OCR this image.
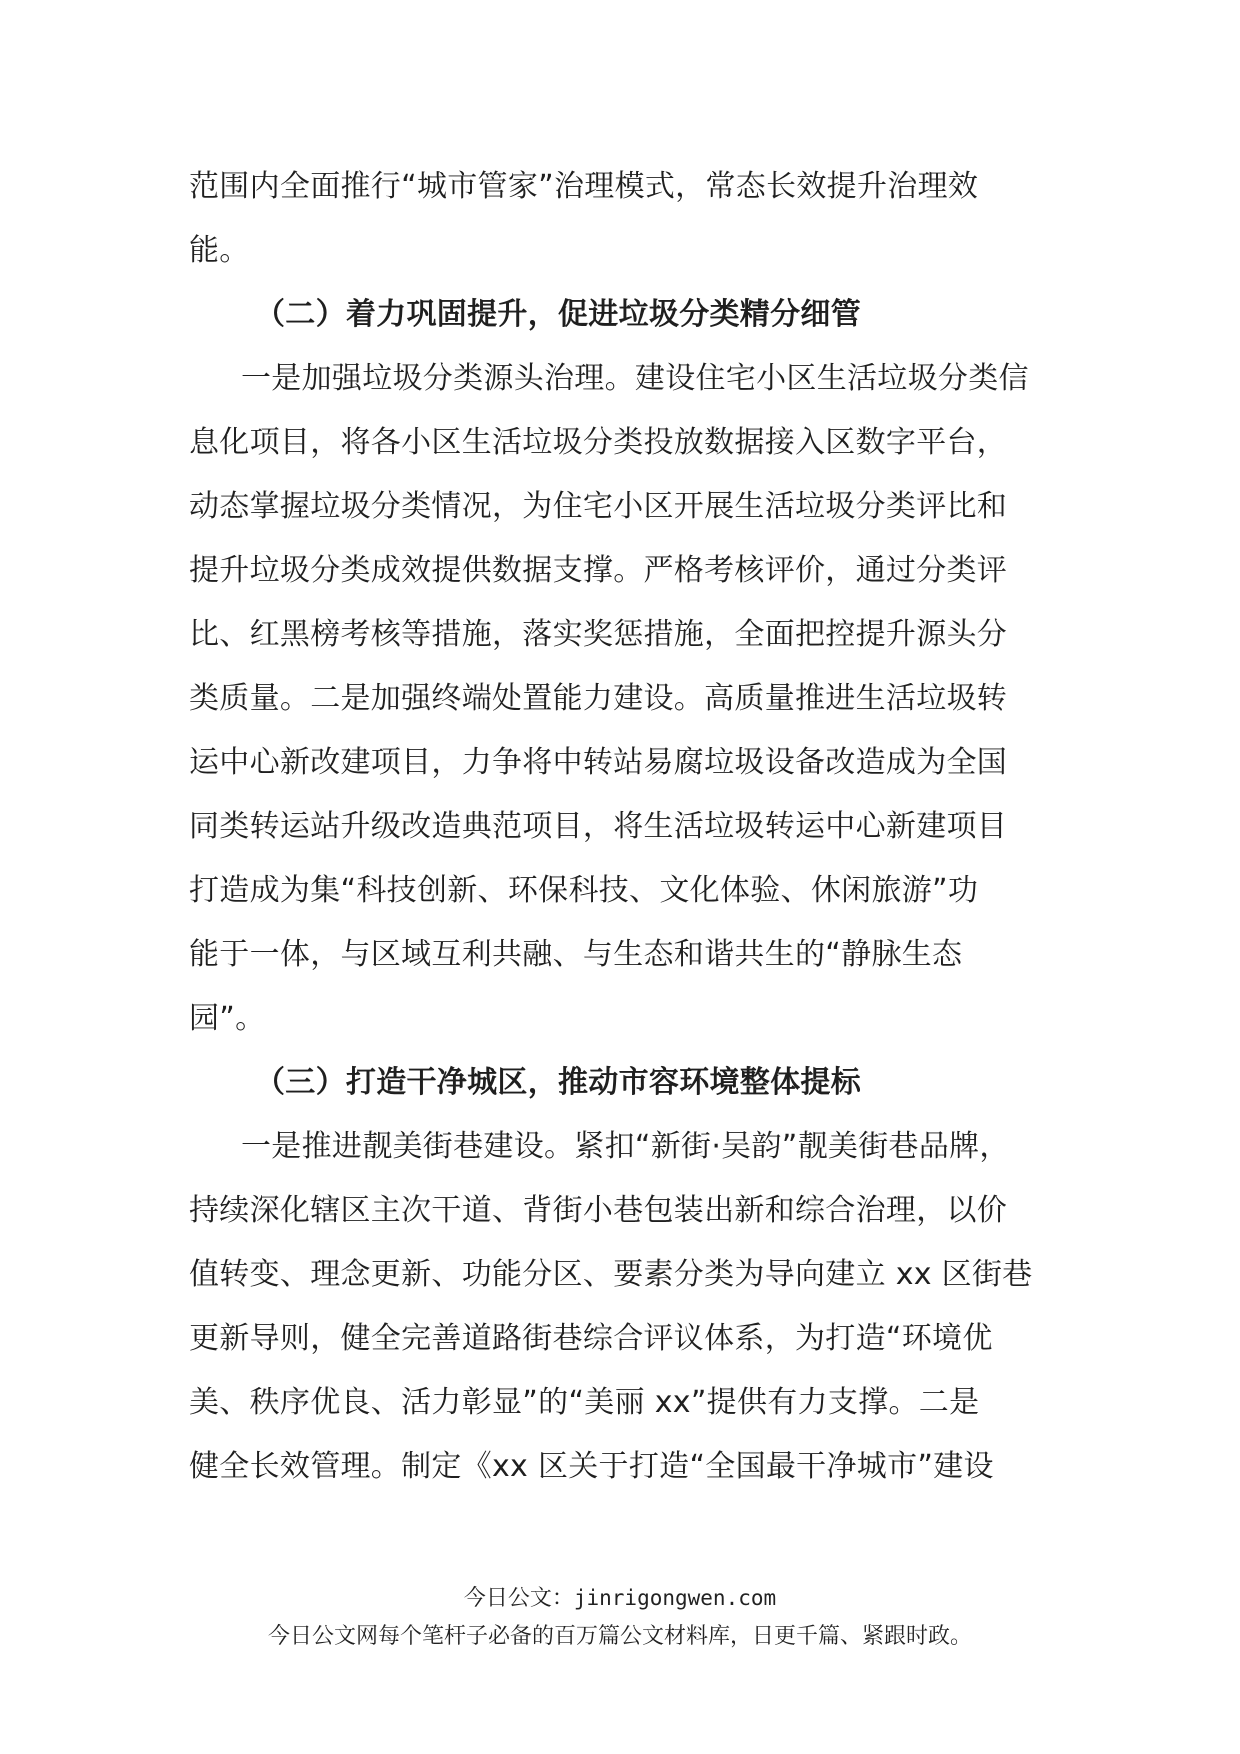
范围内全面推行“城市管家”治理模式，常态长效提升治理效
能。
（二）着力巩固提升，促进垃圾分类精分细管
一是加强垃圾分类源头治理。建设住宅小区生活垃圾分类信
息化项目，将各小区生活垃圾分类投放数据接入区数字平台，
动态掌握垃圾分类情况，为住宅小区开展生活垃圾分类评比和
提升垃圾分类成效提供数据支撑。严格考核评价，通过分类评
比、红黑榜考核等措施，落实奖惩措施，全面把控提升源头分
类质量。二是加强终端处置能力建设。高质量推进生活垃圾转
运中心新改建项目，力争将中转站易腐垃圾设备改造成为全国
同类转运站升级改造典范项目，将生活垃圾转运中心新建项目
打造成为集“科技创新、环保科技、文化体验、休闲旅游”功
能于一体，与区域互利共融、与生态和谐共生的“静脉生态
园”。
（三）打造干净城区，推动市容环境整体提标
一是推进靓美街巷建设。紧扣“新街·吴韵”靓美街巷品牌，
持续深化辖区主次干道、背街小巷包装出新和综合治理，以价
值转变、理念更新、功能分区、要素分类为导向建立 xx 区街巷
更新导则，健全完善道路街巷综合评议体系，为打造“环境优
美、秩序优良、活力彰显”的“美丽 xx”提供有力支撑。二是
健全长效管理。制定《xx 区关于打造“全国最干净城市”建设
今日公文：jinrigongwen.com
今日公文网每个笔杆子必备的百万篇公文材料库，日更千篇、紧跟时政。
